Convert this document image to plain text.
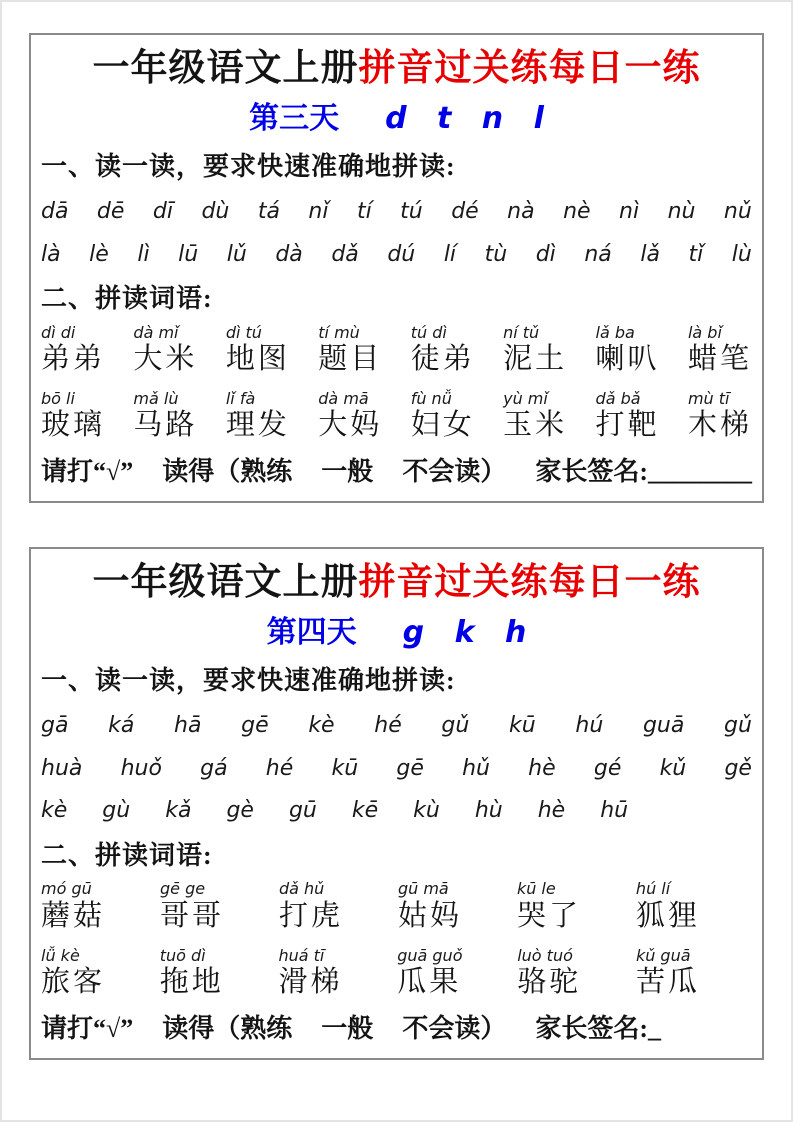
一年级语文上册拼音过关练每日一练
第三天 d t n l
一、读一读，要求快速准确地拼读:
dā dē dī dù tá nǐ tí tú dé nà nè nì nù nǔ
là lè lì lū lǔ dà dǎ dú lí tù dì ná lǎ tǐ lù
二、拼读词语:
dì di
弟弟
dà mǐ
大米
dì tú
地图
tí mù
题目
tú dì
徒弟
ní tǔ
泥土
lǎ ba
喇叭
là bǐ
蜡笔
bō li
玻璃
mǎ lù
马路
lǐ fà
理发
dà mā
大妈
fù nǚ
妇女
yù mǐ
玉米
dǎ bǎ
打靶
mù tī
木梯
请打“√” 读得（熟练 一般 不会读） 家长签名:________
一年级语文上册拼音过关练每日一练
第四天 g k h
一、读一读，要求快速准确地拼读:
gā ká hā gē kè hé gǔ kū hú guā gǔ
huà huǒ gá hé kū gē hǔ hè gé kǔ gě
kè gù kǎ gè gū kē kù hù hè hū
二、拼读词语:
mó gū
蘑菇
gē ge
哥哥
dǎ hǔ
打虎
gū mā
姑妈
kū le
哭了
hú lí
狐狸
lǚ kè
旅客
tuō dì
拖地
huá tī
滑梯
guā guǒ
瓜果
luò tuó
骆驼
kǔ guā
苦瓜
请打“√” 读得（熟练 一般 不会读） 家长签名:_
